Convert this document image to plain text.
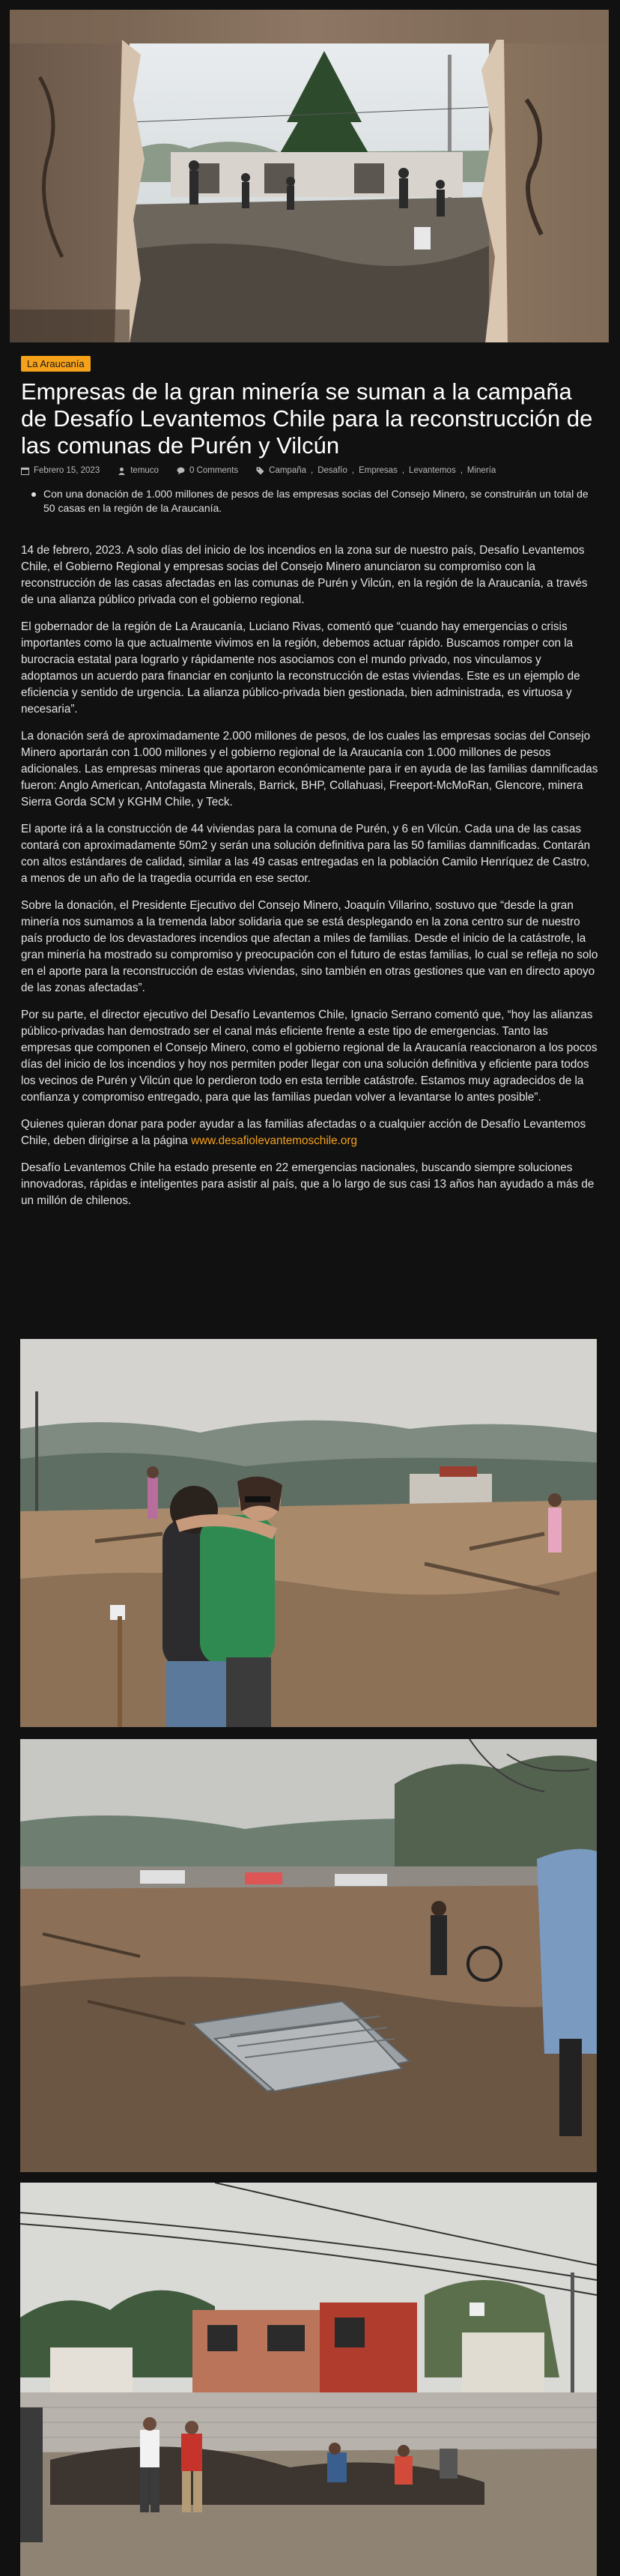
La Araucanía
Empresas de la gran minería se suman a la campaña de Desafío Levantemos Chile para la reconstrucción de las comunas de Purén y Vilcún
Febrero 15, 2023	temuco	0 Comments	Campaña , Desafío , Empresas , Levantemos , Minería
Con una donación de 1.000 millones de pesos de las empresas socias del Consejo Minero, se construirán un total de 50 casas en la región de la Araucanía.

14 de febrero, 2023. A solo días del inicio de los incendios en la zona sur de nuestro país, Desafío Levantemos Chile, el Gobierno Regional y empresas socias del Consejo Minero anunciaron su compromiso con la reconstrucción de las casas afectadas en las comunas de Purén y Vilcún, en la región de la Araucanía, a través de una alianza público privada con el gobierno regional.

El gobernador de la región de La Araucanía, Luciano Rivas, comentó que “cuando hay emergencias o crisis importantes como la que actualmente vivimos en la región, debemos actuar rápido. Buscamos romper con la burocracia estatal para lograrlo y rápidamente nos asociamos con el mundo privado, nos vinculamos y adoptamos un acuerdo para financiar en conjunto la reconstrucción de estas viviendas. Este es un ejemplo de eficiencia y sentido de urgencia. La alianza público-privada bien gestionada, bien administrada, es virtuosa y necesaria”.

La donación será de aproximadamente 2.000 millones de pesos, de los cuales las empresas socias del Consejo Minero aportarán con 1.000 millones y el gobierno regional de la Araucanía con 1.000 millones de pesos adicionales. Las empresas mineras que aportaron económicamente para ir en ayuda de las familias damnificadas fueron: Anglo American, Antofagasta Minerals, Barrick, BHP, Collahuasi, Freeport-McMoRan, Glencore, minera Sierra Gorda SCM y KGHM Chile, y Teck.

El aporte irá a la construcción de 44 viviendas para la comuna de Purén, y 6 en Vilcún. Cada una de las casas contará con aproximadamente 50m2 y serán una solución definitiva para las 50 familias damnificadas. Contarán con altos estándares de calidad, similar a las 49 casas entregadas en la población Camilo Henríquez de Castro, a menos de un año de la tragedia ocurrida en ese sector.

Sobre la donación, el Presidente Ejecutivo del Consejo Minero, Joaquín Villarino, sostuvo que “desde la gran minería nos sumamos a la tremenda labor solidaria que se está desplegando en la zona centro sur de nuestro país producto de los devastadores incendios que afectan a miles de familias. Desde el inicio de la catástrofe, la gran minería ha mostrado su compromiso y preocupación con el futuro de estas familias, lo cual se refleja no solo en el aporte para la reconstrucción de estas viviendas, sino también en otras gestiones que van en directo apoyo de las zonas afectadas”.

Por su parte, el director ejecutivo del Desafío Levantemos Chile, Ignacio Serrano comentó que, “hoy las alianzas público-privadas han demostrado ser el canal más eficiente frente a este tipo de emergencias. Tanto las empresas que componen el Consejo Minero, como el gobierno regional de la Araucanía reaccionaron a los pocos días del inicio de los incendios y hoy nos permiten poder llegar con una solución definitiva y eficiente para todos los vecinos de Purén y Vilcún que lo perdieron todo en esta terrible catástrofe. Estamos muy agradecidos de la confianza y compromiso entregado, para que las familias puedan volver a levantarse lo antes posible”.

Quienes quieran donar para poder ayudar a las familias afectadas o a cualquier acción de Desafío Levantemos Chile, deben dirigirse a la página www.desafiolevantemoschile.org

Desafío Levantemos Chile ha estado presente en 22 emergencias nacionales, buscando siempre soluciones innovadoras, rápidas e inteligentes para asistir al país, que a lo largo de sus casi 13 años han ayudado a más de un millón de chilenos.
